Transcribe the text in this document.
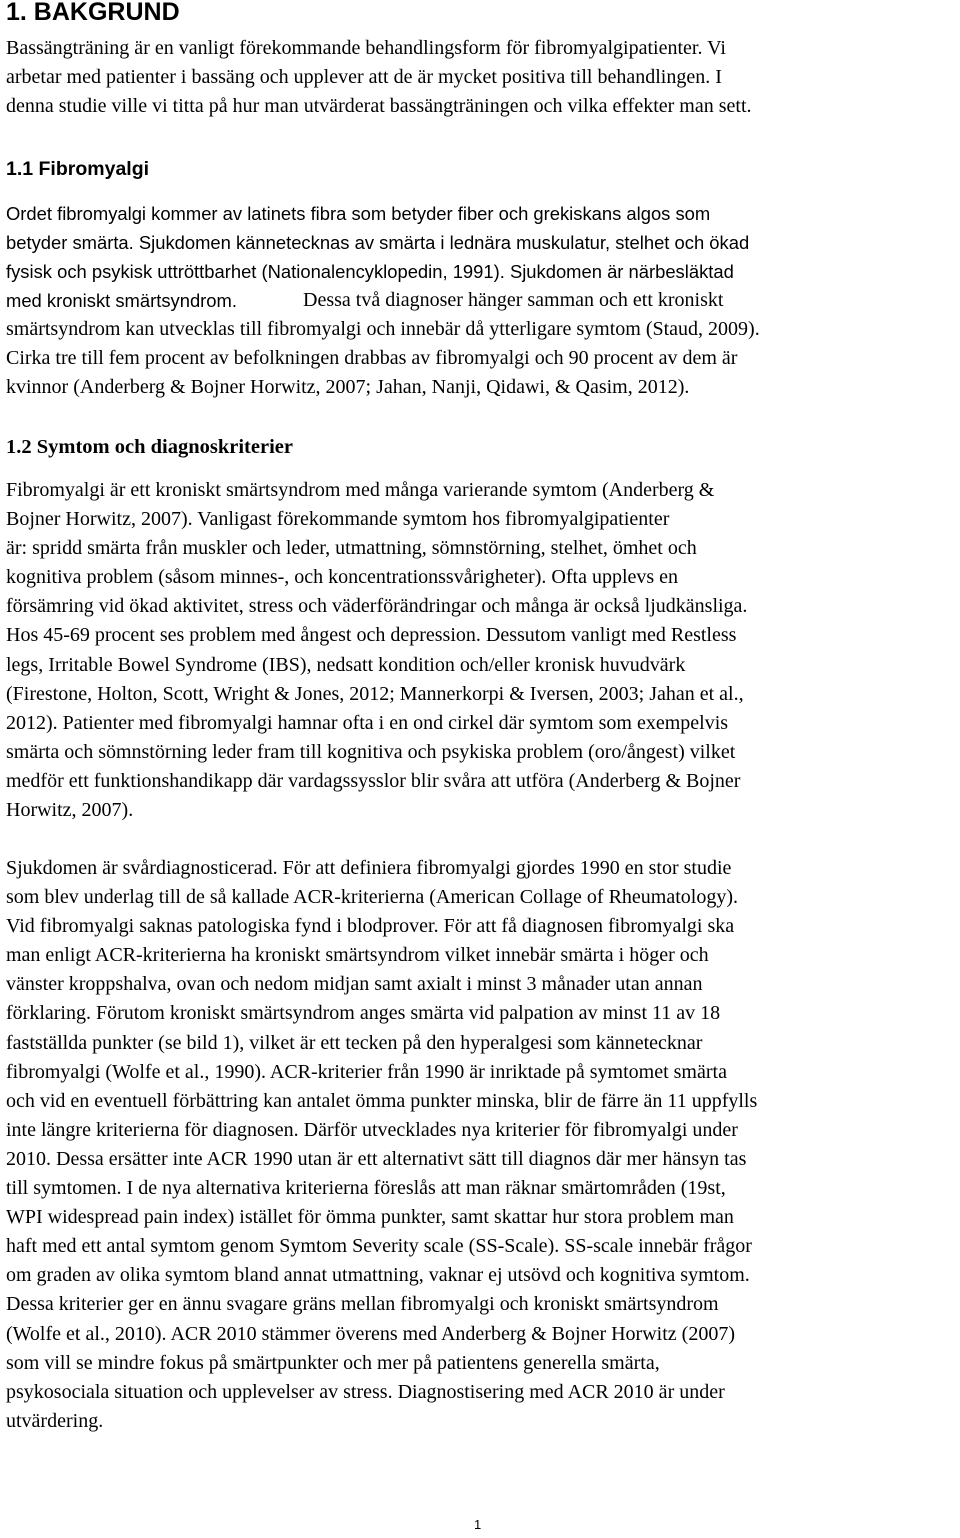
1. BAKGRUND

Bassängträning är en vanligt förekommande behandlingsform för fibromyalgipatienter. Vi
arbetar med patienter i bassäng och upplever att de är mycket positiva till behandlingen. I
denna studie ville vi titta på hur man utvärderat bassängträningen och vilka effekter man sett.

1.1 Fibromyalgi

Ordet fibromyalgi kommer av latinets fibra som betyder fiber och grekiskans algos som
betyder smärta. Sjukdomen kännetecknas av smärta i lednära muskulatur, stelhet och ökad
fysisk och psykisk uttröttbarhet (Nationalencyklopedin, 1991). Sjukdomen är närbesläktad
med kroniskt smärtsyndrom.	Dessa två diagnoser hänger samman och ett kroniskt
smärtsyndrom kan utvecklas till fibromyalgi och innebär då ytterligare symtom (Staud, 2009).
Cirka tre till fem procent av befolkningen drabbas av fibromyalgi och 90 procent av dem är
kvinnor (Anderberg & Bojner Horwitz, 2007; Jahan, Nanji, Qidawi, & Qasim, 2012).

1.2 Symtom och diagnoskriterier

Fibromyalgi är ett kroniskt smärtsyndrom med många varierande symtom (Anderberg &
Bojner Horwitz, 2007). Vanligast förekommande symtom hos fibromyalgipatienter
är: spridd smärta från muskler och leder, utmattning, sömnstörning, stelhet, ömhet och
kognitiva problem (såsom minnes-, och koncentrationssvårigheter). Ofta upplevs en
försämring vid ökad aktivitet, stress och väderförändringar och många är också ljudkänsliga.
Hos 45-69 procent ses problem med ångest och depression. Dessutom vanligt med Restless
legs, Irritable Bowel Syndrome (IBS), nedsatt kondition och/eller kronisk huvudvärk
(Firestone, Holton, Scott, Wright & Jones, 2012; Mannerkorpi & Iversen, 2003; Jahan et al.,
2012). Patienter med fibromyalgi hamnar ofta i en ond cirkel där symtom som exempelvis
smärta och sömnstörning leder fram till kognitiva och psykiska problem (oro/ångest) vilket
medför ett funktionshandikapp där vardagssysslor blir svåra att utföra (Anderberg & Bojner
Horwitz, 2007).

Sjukdomen är svårdiagnosticerad. För att definiera fibromyalgi gjordes 1990 en stor studie
som blev underlag till de så kallade ACR-kriterierna (American Collage of Rheumatology).
Vid fibromyalgi saknas patologiska fynd i blodprover. För att få diagnosen fibromyalgi ska
man enligt ACR-kriterierna ha kroniskt smärtsyndrom vilket innebär smärta i höger och
vänster kroppshalva, ovan och nedom midjan samt axialt i minst 3 månader utan annan
förklaring. Förutom kroniskt smärtsyndrom anges smärta vid palpation av minst 11 av 18
fastställda punkter (se bild 1), vilket är ett tecken på den hyperalgesi som kännetecknar
fibromyalgi (Wolfe et al., 1990). ACR-kriterier från 1990 är inriktade på symtomet smärta
och vid en eventuell förbättring kan antalet ömma punkter minska, blir de färre än 11 uppfylls
inte längre kriterierna för diagnosen. Därför utvecklades nya kriterier för fibromyalgi under
2010. Dessa ersätter inte ACR 1990 utan är ett alternativt sätt till diagnos där mer hänsyn tas
till symtomen. I de nya alternativa kriterierna föreslås att man räknar smärtområden (19st,
WPI widespread pain index) istället för ömma punkter, samt skattar hur stora problem man
haft med ett antal symtom genom Symtom Severity scale (SS-Scale). SS-scale innebär frågor
om graden av olika symtom bland annat utmattning, vaknar ej utsövd och kognitiva symtom.
Dessa kriterier ger en ännu svagare gräns mellan fibromyalgi och kroniskt smärtsyndrom
(Wolfe et al., 2010). ACR 2010 stämmer överens med Anderberg & Bojner Horwitz (2007)
som vill se mindre fokus på smärtpunkter och mer på patientens generella smärta,
psykosociala situation och upplevelser av stress. Diagnostisering med ACR 2010 är under
utvärdering.

1
